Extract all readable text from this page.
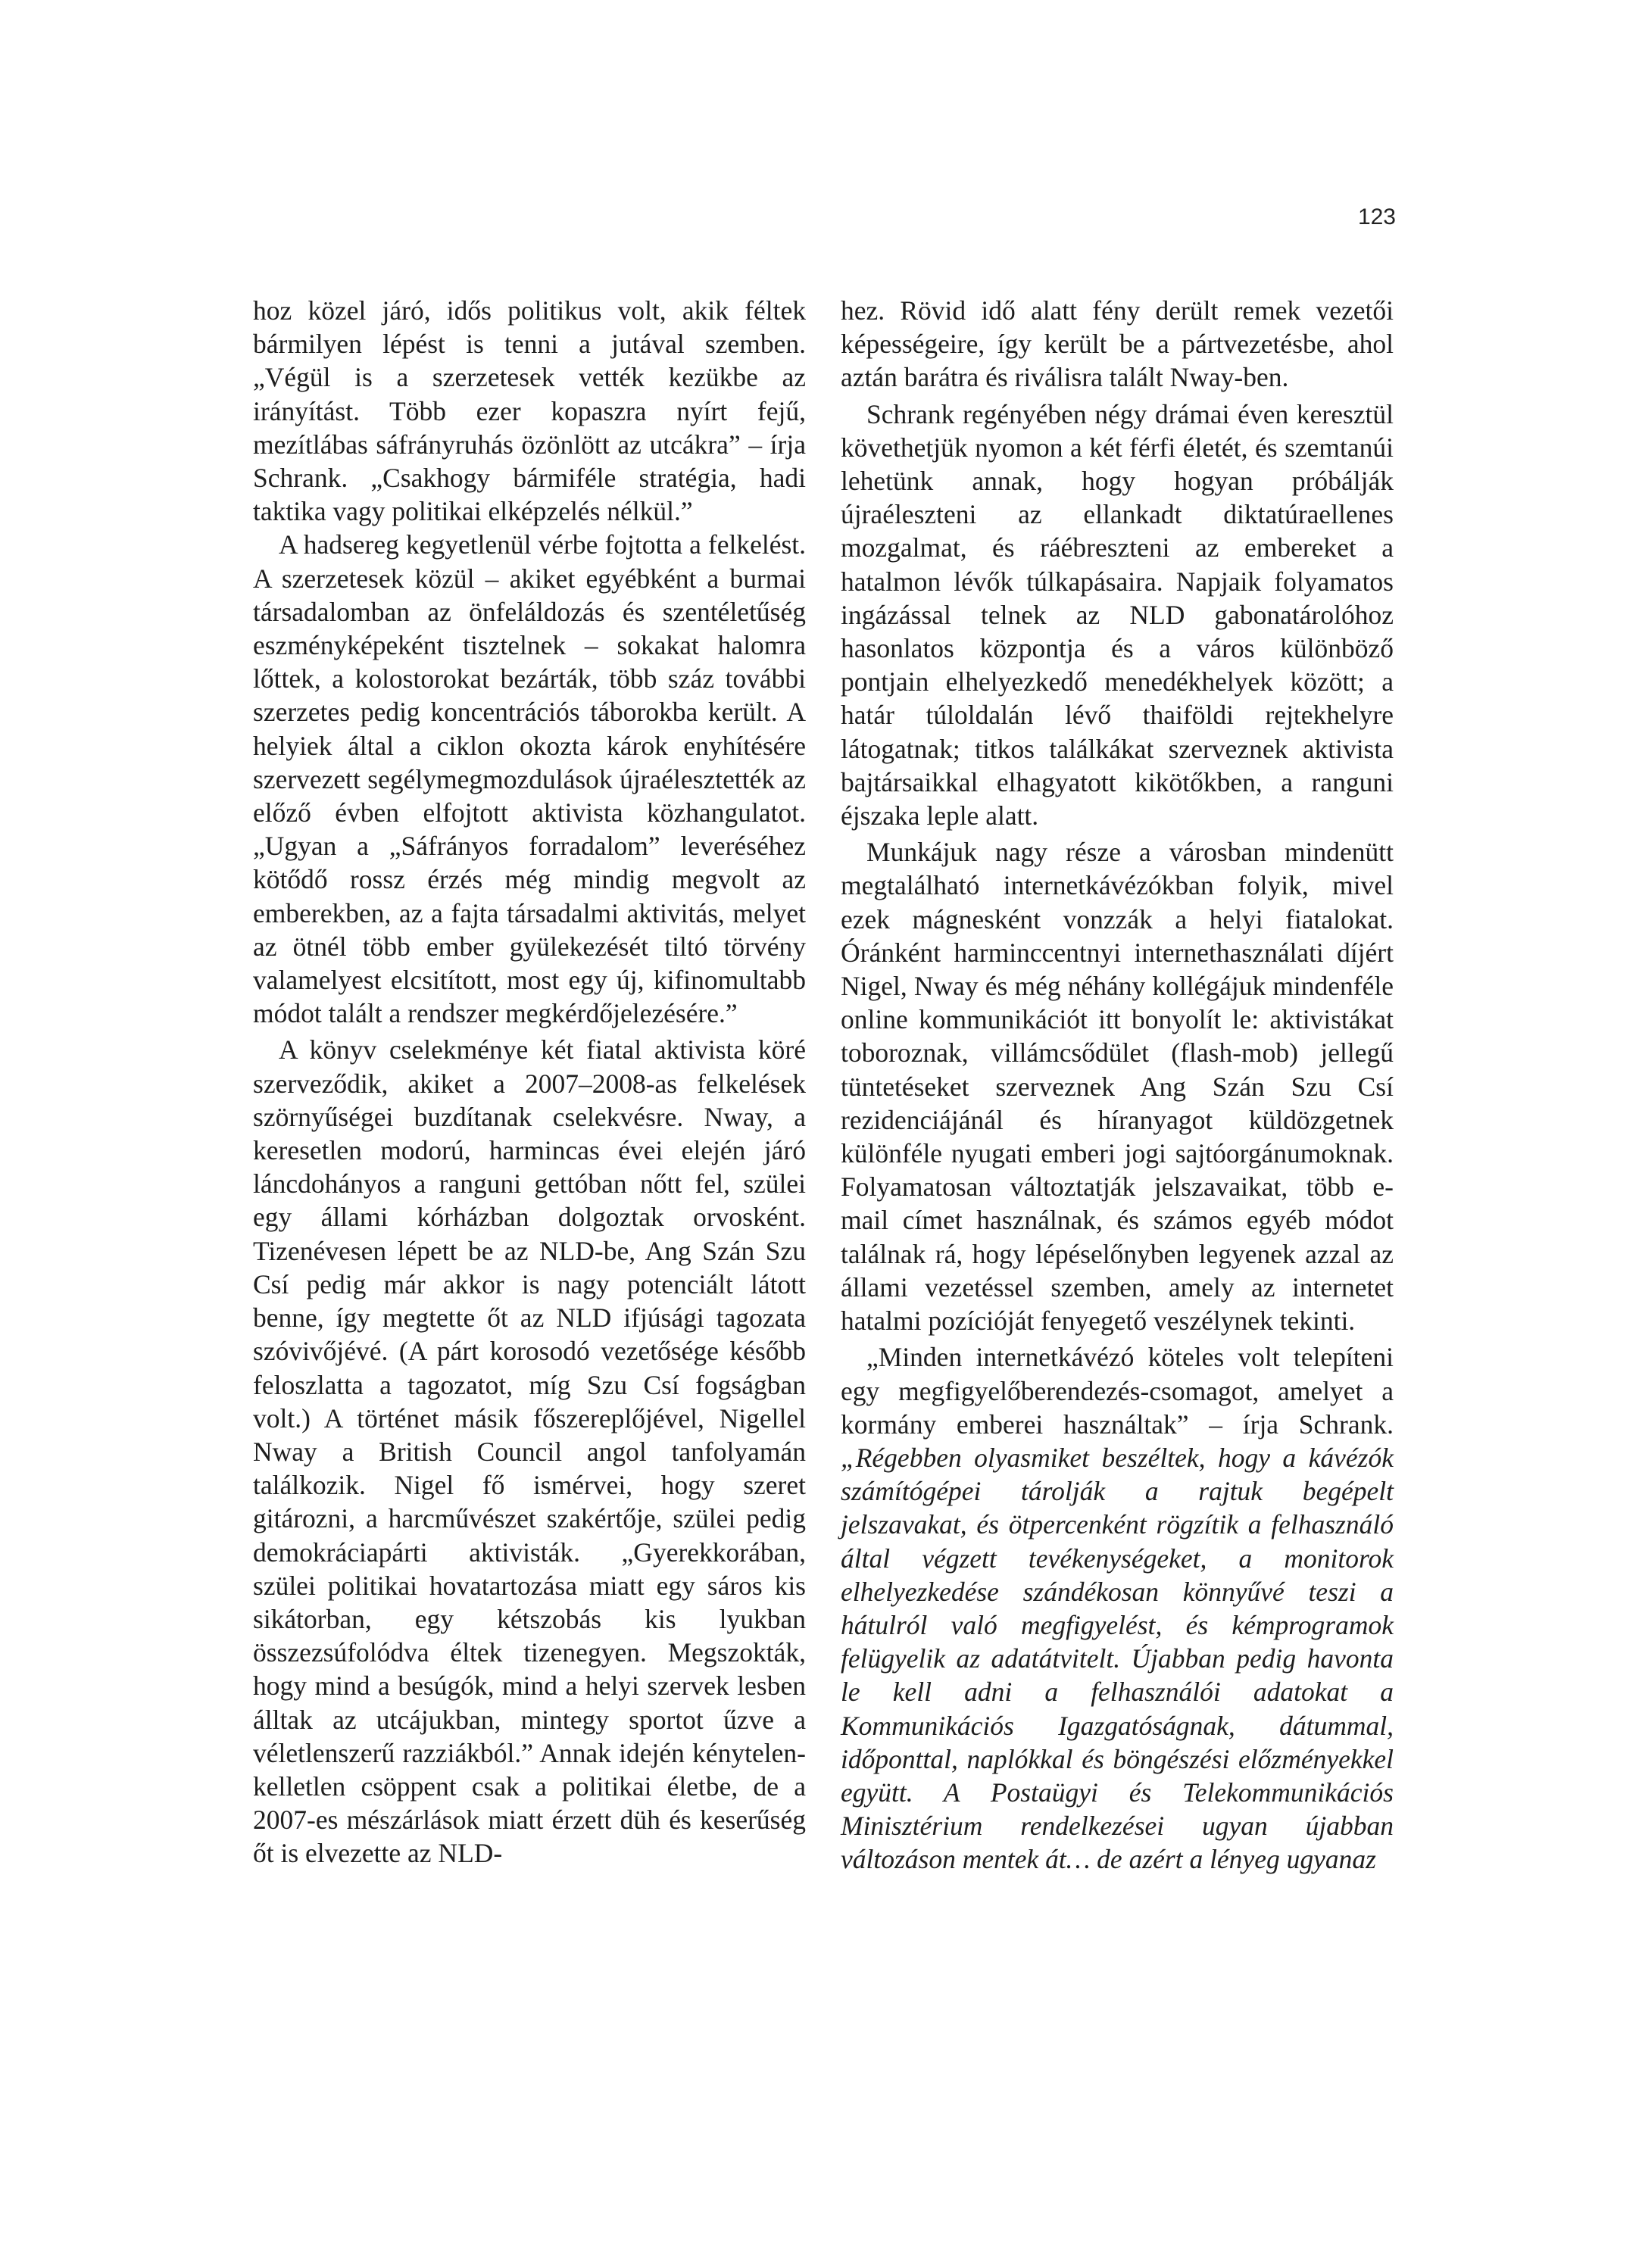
123

hoz közel járó, idős politikus volt, akik féltek bármilyen lépést is tenni a jutával szemben. „Végül is a szerzetesek vették kezükbe az irányítást. Több ezer kopaszra nyírt fejű, mezítlábas sáfrányruhás özönlött az utcákra” – írja Schrank. „Csakhogy bármiféle stratégia, hadi taktika vagy politikai elképzelés nélkül.”

A hadsereg kegyetlenül vérbe fojtotta a felkelést. A szerzetesek közül – akiket egyébként a burmai társadalomban az önfeláldozás és szentéletűség eszményképeként tisztelnek – sokakat halomra lőttek, a kolostorokat bezárták, több száz további szerzetes pedig koncentrációs táborokba került. A helyiek által a ciklon okozta károk enyhítésére szervezett segélymegmozdulások újraélesztették az előző évben elfojtott aktivista közhangulatot. „Ugyan a „Sáfrányos forradalom” leveréséhez kötődő rossz érzés még mindig megvolt az emberekben, az a fajta társadalmi aktivitás, melyet az ötnél több ember gyülekezését tiltó törvény valamelyest elcsitított, most egy új, kifinomultabb módot talált a rendszer megkérdőjelezésére.”

A könyv cselekménye két fiatal aktivista köré szerveződik, akiket a 2007–2008-as felkelések szörnyűségei buzdítanak cselekvésre. Nway, a keresetlen modorú, harmincas évei elején járó láncdohányos a ranguni gettóban nőtt fel, szülei egy állami kórházban dolgoztak orvosként. Tizenévesen lépett be az NLD-be, Ang Szán Szu Csí pedig már akkor is nagy potenciált látott benne, így megtette őt az NLD ifjúsági tagozata szóvivőjévé. (A párt korosodó vezetősége később feloszlatta a tagozatot, míg Szu Csí fogságban volt.) A történet másik főszereplőjével, Nigellel Nway a British Council angol tanfolyamán találkozik. Nigel fő ismérvei, hogy szeret gitározni, a harcművészet szakértője, szülei pedig demokráciapárti aktivisták. „Gyerekkorában, szülei politikai hovatartozása miatt egy sáros kis sikátorban, egy kétszobás kis lyukban összezsúfolódva éltek tizenegyen. Megszokták, hogy mind a besúgók, mind a helyi szervek lesben álltak az utcájukban, mintegy sportot űzve a véletlenszerű razziákból.” Annak idején kénytelen-kelletlen csöppent csak a politikai életbe, de a 2007-es mészárlások miatt érzett düh és keserűség őt is elvezette az NLD-

hez. Rövid idő alatt fény derült remek vezetői képességeire, így került be a pártvezetésbe, ahol aztán barátra és riválisra talált Nway-ben.

Schrank regényében négy drámai éven keresztül követhetjük nyomon a két férfi életét, és szemtanúi lehetünk annak, hogy hogyan próbálják újraéleszteni az ellankadt diktatúraellenes mozgalmat, és ráébreszteni az embereket a hatalmon lévők túlkapásaira. Napjaik folyamatos ingázással telnek az NLD gabonatárolóhoz hasonlatos központja és a város különböző pontjain elhelyezkedő menedékhelyek között; a határ túloldalán lévő thaiföldi rejtekhelyre látogatnak; titkos találkákat szerveznek aktivista bajtársaikkal elhagyatott kikötőkben, a ranguni éjszaka leple alatt.

Munkájuk nagy része a városban mindenütt megtalálható internetkávézókban folyik, mivel ezek mágnesként vonzzák a helyi fiatalokat. Óránként harminccentnyi internethasználati díjért Nigel, Nway és még néhány kollégájuk mindenféle online kommunikációt itt bonyolít le: aktivistákat toboroznak, villámcsődület (flash-mob) jellegű tüntetéseket szerveznek Ang Szán Szu Csí rezidenciájánál és híranyagot küldözgetnek különféle nyugati emberi jogi sajtóorgánumoknak. Folyamatosan változtatják jelszavaikat, több e-mail címet használnak, és számos egyéb módot találnak rá, hogy lépéselőnyben legyenek azzal az állami vezetéssel szemben, amely az internetet hatalmi pozícióját fenyegető veszélynek tekinti.

„Minden internetkávézó köteles volt telepíteni egy megfigyelőberendezés-csomagot, amelyet a kormány emberei használtak” – írja Schrank. „Régebben olyasmiket beszéltek, hogy a kávézók számítógépei tárolják a rajtuk begépelt jelszavakat, és ötpercenként rögzítik a felhasználó által végzett tevékenységeket, a monitorok elhelyezkedése szándékosan könnyűvé teszi a hátulról való megfigyelést, és kémprogramok felügyelik az adatátvitelt. Újabban pedig havonta le kell adni a felhasználói adatokat a Kommunikációs Igazgatóságnak, dátummal, időponttal, naplókkal és böngészési előzményekkel együtt. A Postaügyi és Telekommunikációs Minisztérium rendelkezései ugyan újabban változáson mentek át… de azért a lényeg ugyanaz
